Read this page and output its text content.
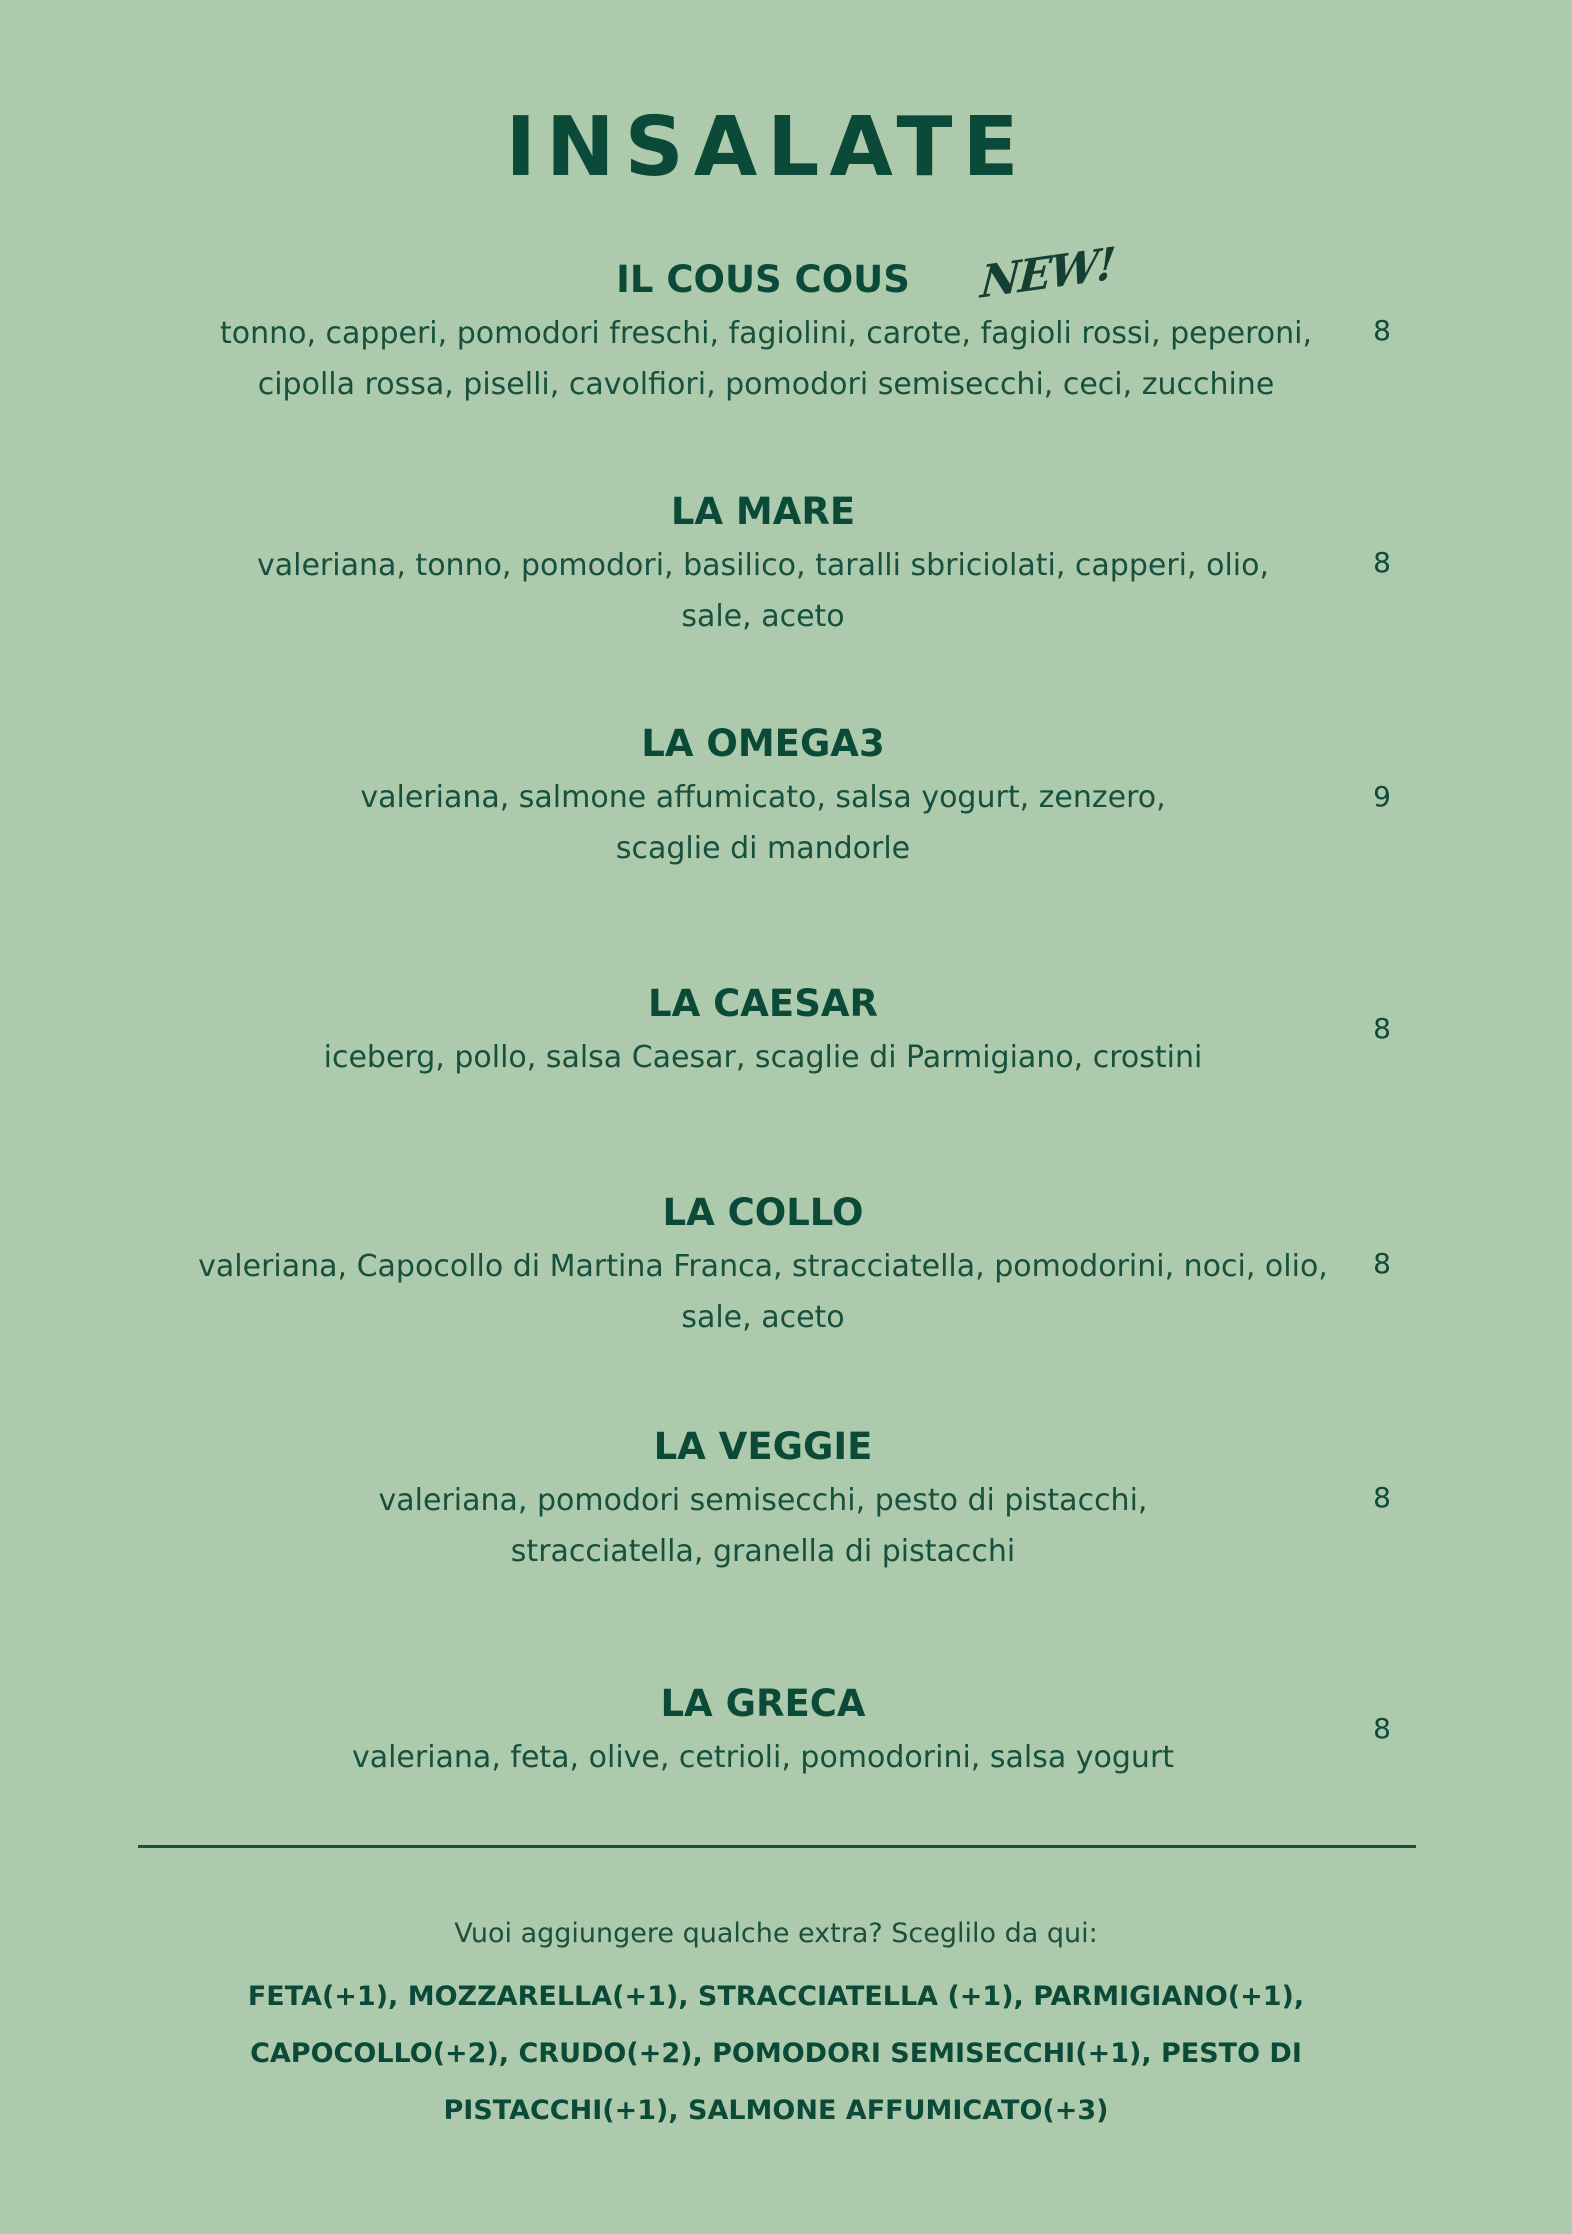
INSALATE
NEW!
IL COUS COUS
tonno, capperi, pomodori freschi, fagiolini, carote, fagioli rossi, peperoni, cipolla rossa, piselli, cavolfiori, pomodori semisecchi, ceci, zucchine
8
LA MARE
valeriana, tonno, pomodori, basilico, taralli sbriciolati, capperi, olio, sale, aceto
8
LA OMEGA3
valeriana, salmone affumicato, salsa yogurt, zenzero, scaglie di mandorle
9
LA CAESAR
iceberg, pollo, salsa Caesar, scaglie di Parmigiano, crostini
8
LA COLLO
valeriana, Capocollo di Martina Franca, stracciatella, pomodorini, noci, olio, sale, aceto
8
LA VEGGIE
valeriana, pomodori semisecchi, pesto di pistacchi, stracciatella, granella di pistacchi
8
LA GRECA
valeriana, feta, olive, cetrioli, pomodorini, salsa yogurt
8
Vuoi aggiungere qualche extra? Sceglilo da qui:
FETA(+1), MOZZARELLA(+1), STRACCIATELLA (+1), PARMIGIANO(+1), CAPOCOLLO(+2), CRUDO(+2), POMODORI SEMISECCHI(+1), PESTO DI PISTACCHI(+1), SALMONE AFFUMICATO(+3)
